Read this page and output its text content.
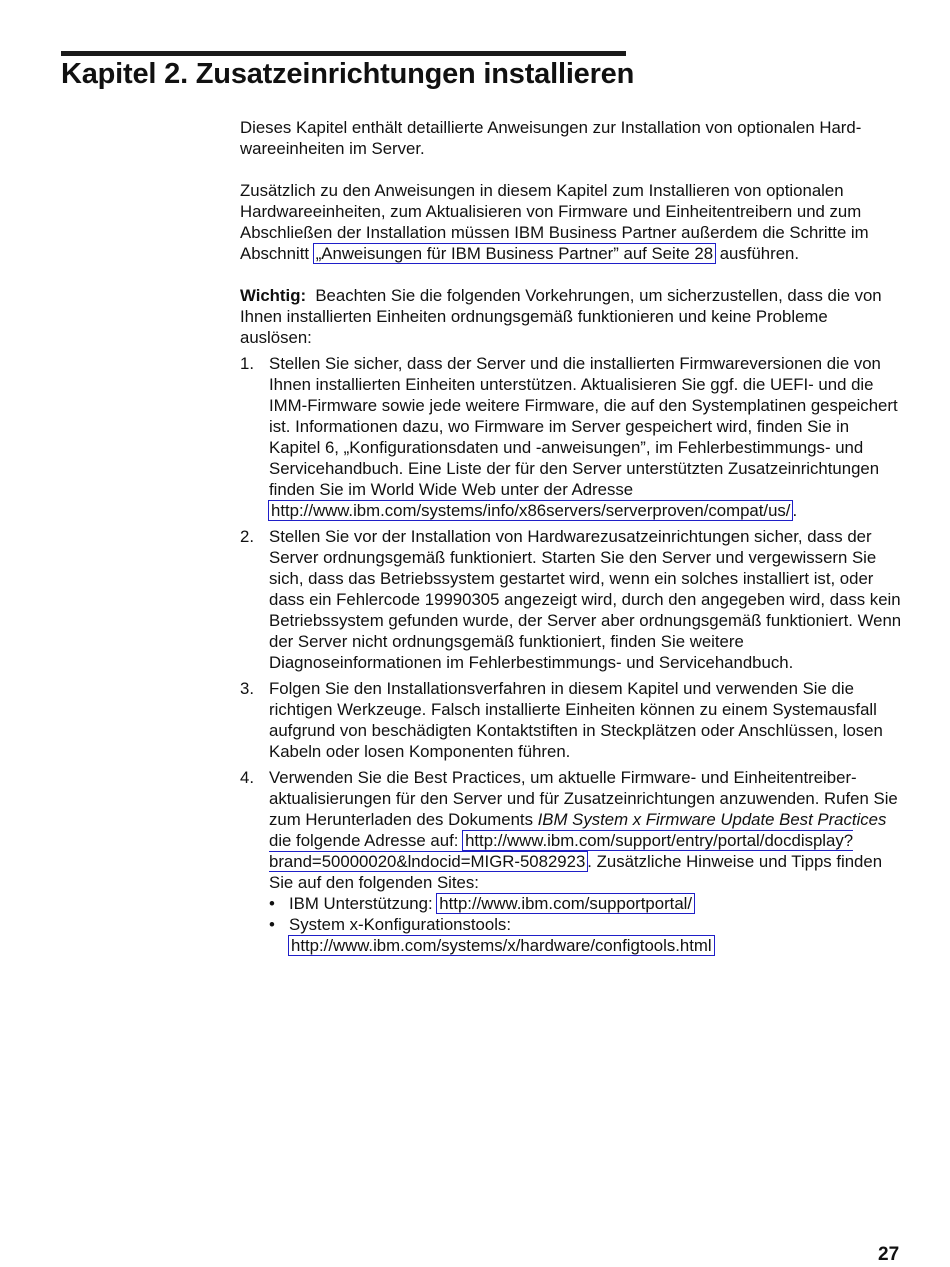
Kapitel 2. Zusatzeinrichtungen installieren

Dieses Kapitel enthält detaillierte Anweisungen zur Installation von optionalen Hardwareeinheiten im Server.

Zusätzlich zu den Anweisungen in diesem Kapitel zum Installieren von optionalen Hardwareeinheiten, zum Aktualisieren von Firmware und Einheitentreibern und zum Abschließen der Installation müssen IBM Business Partner außerdem die Schritte im Abschnitt „Anweisungen für IBM Business Partner” auf Seite 28 ausführen.

Wichtig: Beachten Sie die folgenden Vorkehrungen, um sicherzustellen, dass die von Ihnen installierten Einheiten ordnungsgemäß funktionieren und keine Probleme auslösen:

1. Stellen Sie sicher, dass der Server und die installierten Firmwareversionen die von Ihnen installierten Einheiten unterstützen. Aktualisieren Sie ggf. die UEFI- und die IMM-Firmware sowie jede weitere Firmware, die auf den Systemplatinen gespeichert ist. Informationen dazu, wo Firmware im Server gespeichert wird, finden Sie in Kapitel 6, „Konfigurationsdaten und -anweisungen”, im Fehlerbestimmungs- und Servicehandbuch. Eine Liste der für den Server unterstützten Zusatzeinrichtungen finden Sie im World Wide Web unter der Adresse http://www.ibm.com/systems/info/x86servers/serverproven/compat/us/ .
2. Stellen Sie vor der Installation von Hardwarezusatzeinrichtungen sicher, dass der Server ordnungsgemäß funktioniert. Starten Sie den Server und vergewissern Sie sich, dass das Betriebssystem gestartet wird, wenn ein solches installiert ist, oder dass ein Fehlercode 19990305 angezeigt wird, durch den angegeben wird, dass kein Betriebssystem gefunden wurde, der Server aber ordnungsgemäß funktioniert. Wenn der Server nicht ordnungsgemäß funktioniert, finden Sie weitere Diagnoseinformationen im Fehlerbestimmungs- und Servicehandbuch.
3. Folgen Sie den Installationsverfahren in diesem Kapitel und verwenden Sie die richtigen Werkzeuge. Falsch installierte Einheiten können zu einem Systemausfall aufgrund von beschädigten Kontaktstiften in Steckplätzen oder Anschlüssen, losen Kabeln oder losen Komponenten führen.
4. Verwenden Sie die Best Practices, um aktuelle Firmware- und Einheitentreiberaktualisierungen für den Server und für Zusatzeinrichtungen anzuwenden. Rufen Sie zum Herunterladen des Dokuments IBM System x Firmware Update Best Practices die folgende Adresse auf: http://www.ibm.com/support/entry/portal/docdisplay?brand=50000020&lndocid=MIGR-5082923 . Zusätzliche Hinweise und Tipps finden Sie auf den folgenden Sites:
• IBM Unterstützung: http://www.ibm.com/supportportal/
• System x-Konfigurationstools: http://www.ibm.com/systems/x/hardware/configtools.html
27
